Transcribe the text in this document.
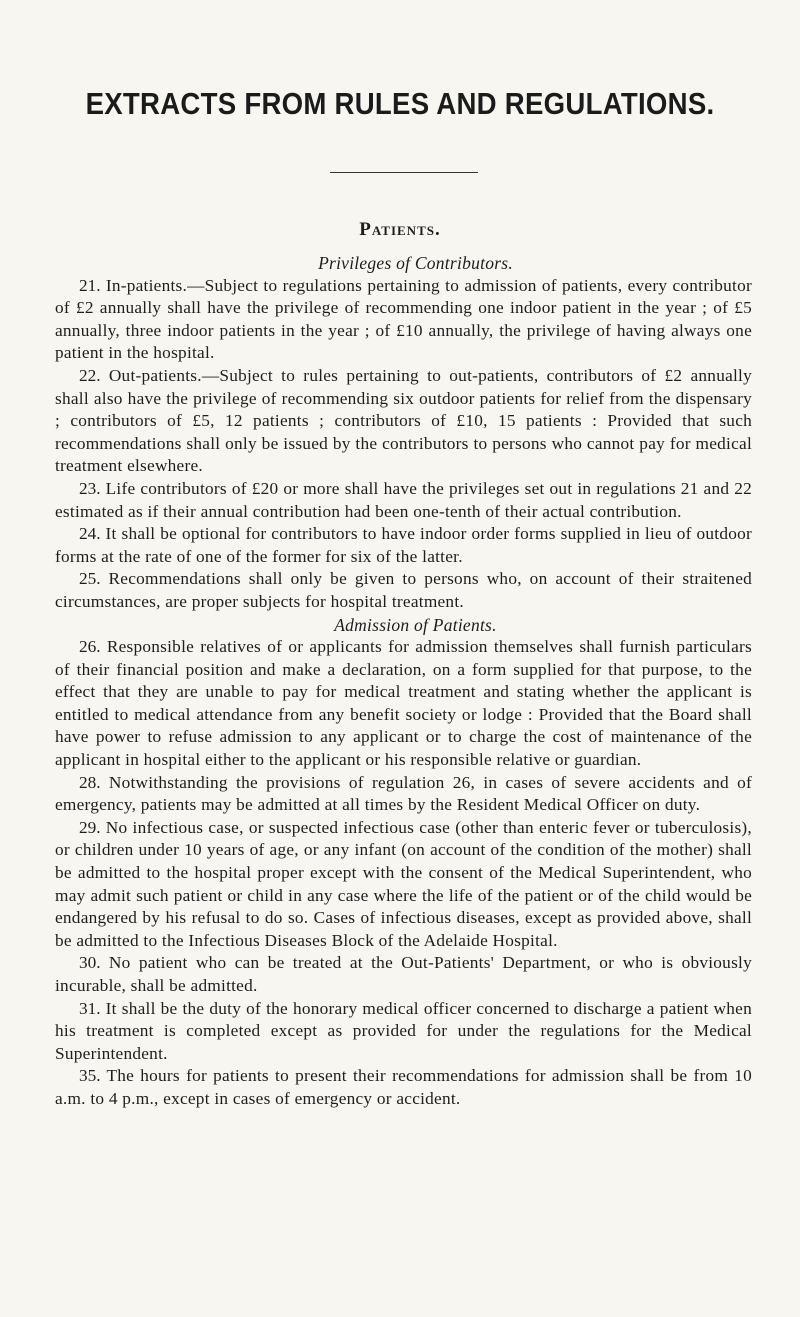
EXTRACTS FROM RULES AND REGULATIONS.
Patients.

Privileges of Contributors.

21. In-patients.—Subject to regulations pertaining to admission of patients, every contributor of £2 annually shall have the privilege of recommending one indoor patient in the year ; of £5 annually, three indoor patients in the year ; of £10 annually, the privilege of having always one patient in the hospital.

22. Out-patients.—Subject to rules pertaining to out-patients, contributors of £2 annually shall also have the privilege of recommending six outdoor patients for relief from the dispensary ; contributors of £5, 12 patients ; contributors of £10, 15 patients : Provided that such recommendations shall only be issued by the contributors to persons who cannot pay for medical treatment elsewhere.

23. Life contributors of £20 or more shall have the privileges set out in regulations 21 and 22 estimated as if their annual contribution had been one-tenth of their actual contribution.

24. It shall be optional for contributors to have indoor order forms supplied in lieu of outdoor forms at the rate of one of the former for six of the latter.

25. Recommendations shall only be given to persons who, on account of their straitened circumstances, are proper subjects for hospital treatment.

Admission of Patients.

26. Responsible relatives of or applicants for admission themselves shall furnish particulars of their financial position and make a declaration, on a form supplied for that purpose, to the effect that they are unable to pay for medical treatment and stating whether the applicant is entitled to medical attendance from any benefit society or lodge : Provided that the Board shall have power to refuse admission to any applicant or to charge the cost of maintenance of the applicant in hospital either to the applicant or his responsible relative or guardian.

28. Notwithstanding the provisions of regulation 26, in cases of severe accidents and of emergency, patients may be admitted at all times by the Resident Medical Officer on duty.

29. No infectious case, or suspected infectious case (other than enteric fever or tuberculosis), or children under 10 years of age, or any infant (on account of the condition of the mother) shall be admitted to the hospital proper except with the consent of the Medical Superintendent, who may admit such patient or child in any case where the life of the patient or of the child would be endangered by his refusal to do so. Cases of infectious diseases, except as provided above, shall be admitted to the Infectious Diseases Block of the Adelaide Hospital.

30. No patient who can be treated at the Out-Patients' Department, or who is obviously incurable, shall be admitted.

31. It shall be the duty of the honorary medical officer concerned to discharge a patient when his treatment is completed except as provided for under the regulations for the Medical Superintendent.

35. The hours for patients to present their recommendations for admission shall be from 10 a.m. to 4 p.m., except in cases of emergency or accident.
